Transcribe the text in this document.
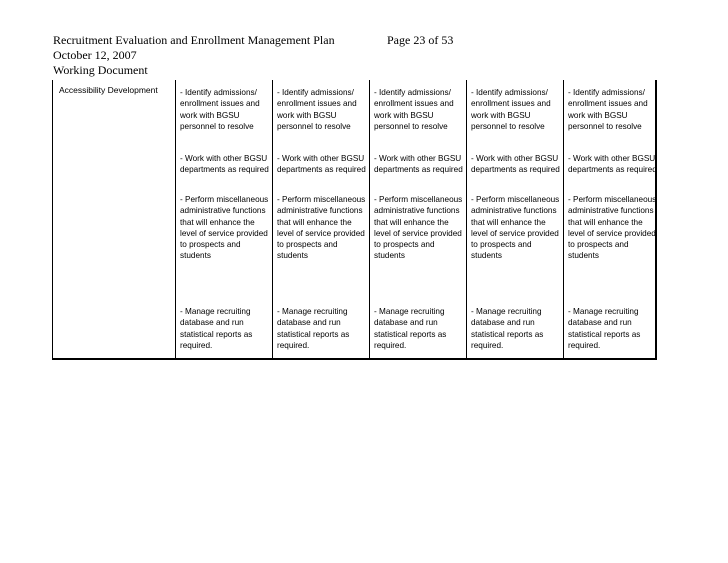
Recruitment Evaluation and Enrollment Management Plan	Page 23 of 53
October 12, 2007
Working Document
Accessibility Development	- Identify admissions/ enrollment issues and work with BGSU personnel to resolve
- Work with other BGSU departments as required
- Perform miscellaneous administrative functions that will enhance the level of service provided to prospects and students
- Manage recruiting database and run statistical reports as required.
- Identify admissions/ enrollment issues and work with BGSU personnel to resolve
- Work with other BGSU departments as required
- Perform miscellaneous administrative functions that will enhance the level of service provided to prospects and students
- Manage recruiting database and run statistical reports as required.
- Identify admissions/ enrollment issues and work with BGSU personnel to resolve
- Work with other BGSU departments as required
- Perform miscellaneous administrative functions that will enhance the level of service provided to prospects and students
- Manage recruiting database and run statistical reports as required.
- Identify admissions/ enrollment issues and work with BGSU personnel to resolve
- Work with other BGSU departments as required
- Perform miscellaneous administrative functions that will enhance the level of service provided to prospects and students
- Manage recruiting database and run statistical reports as required.
- Identify admissions/ enrollment issues and work with BGSU personnel to resolve
- Work with other BGSU departments as required
- Perform miscellaneous administrative functions that will enhance the level of service provided to prospects and students
- Manage recruiting database and run statistical reports as required.
